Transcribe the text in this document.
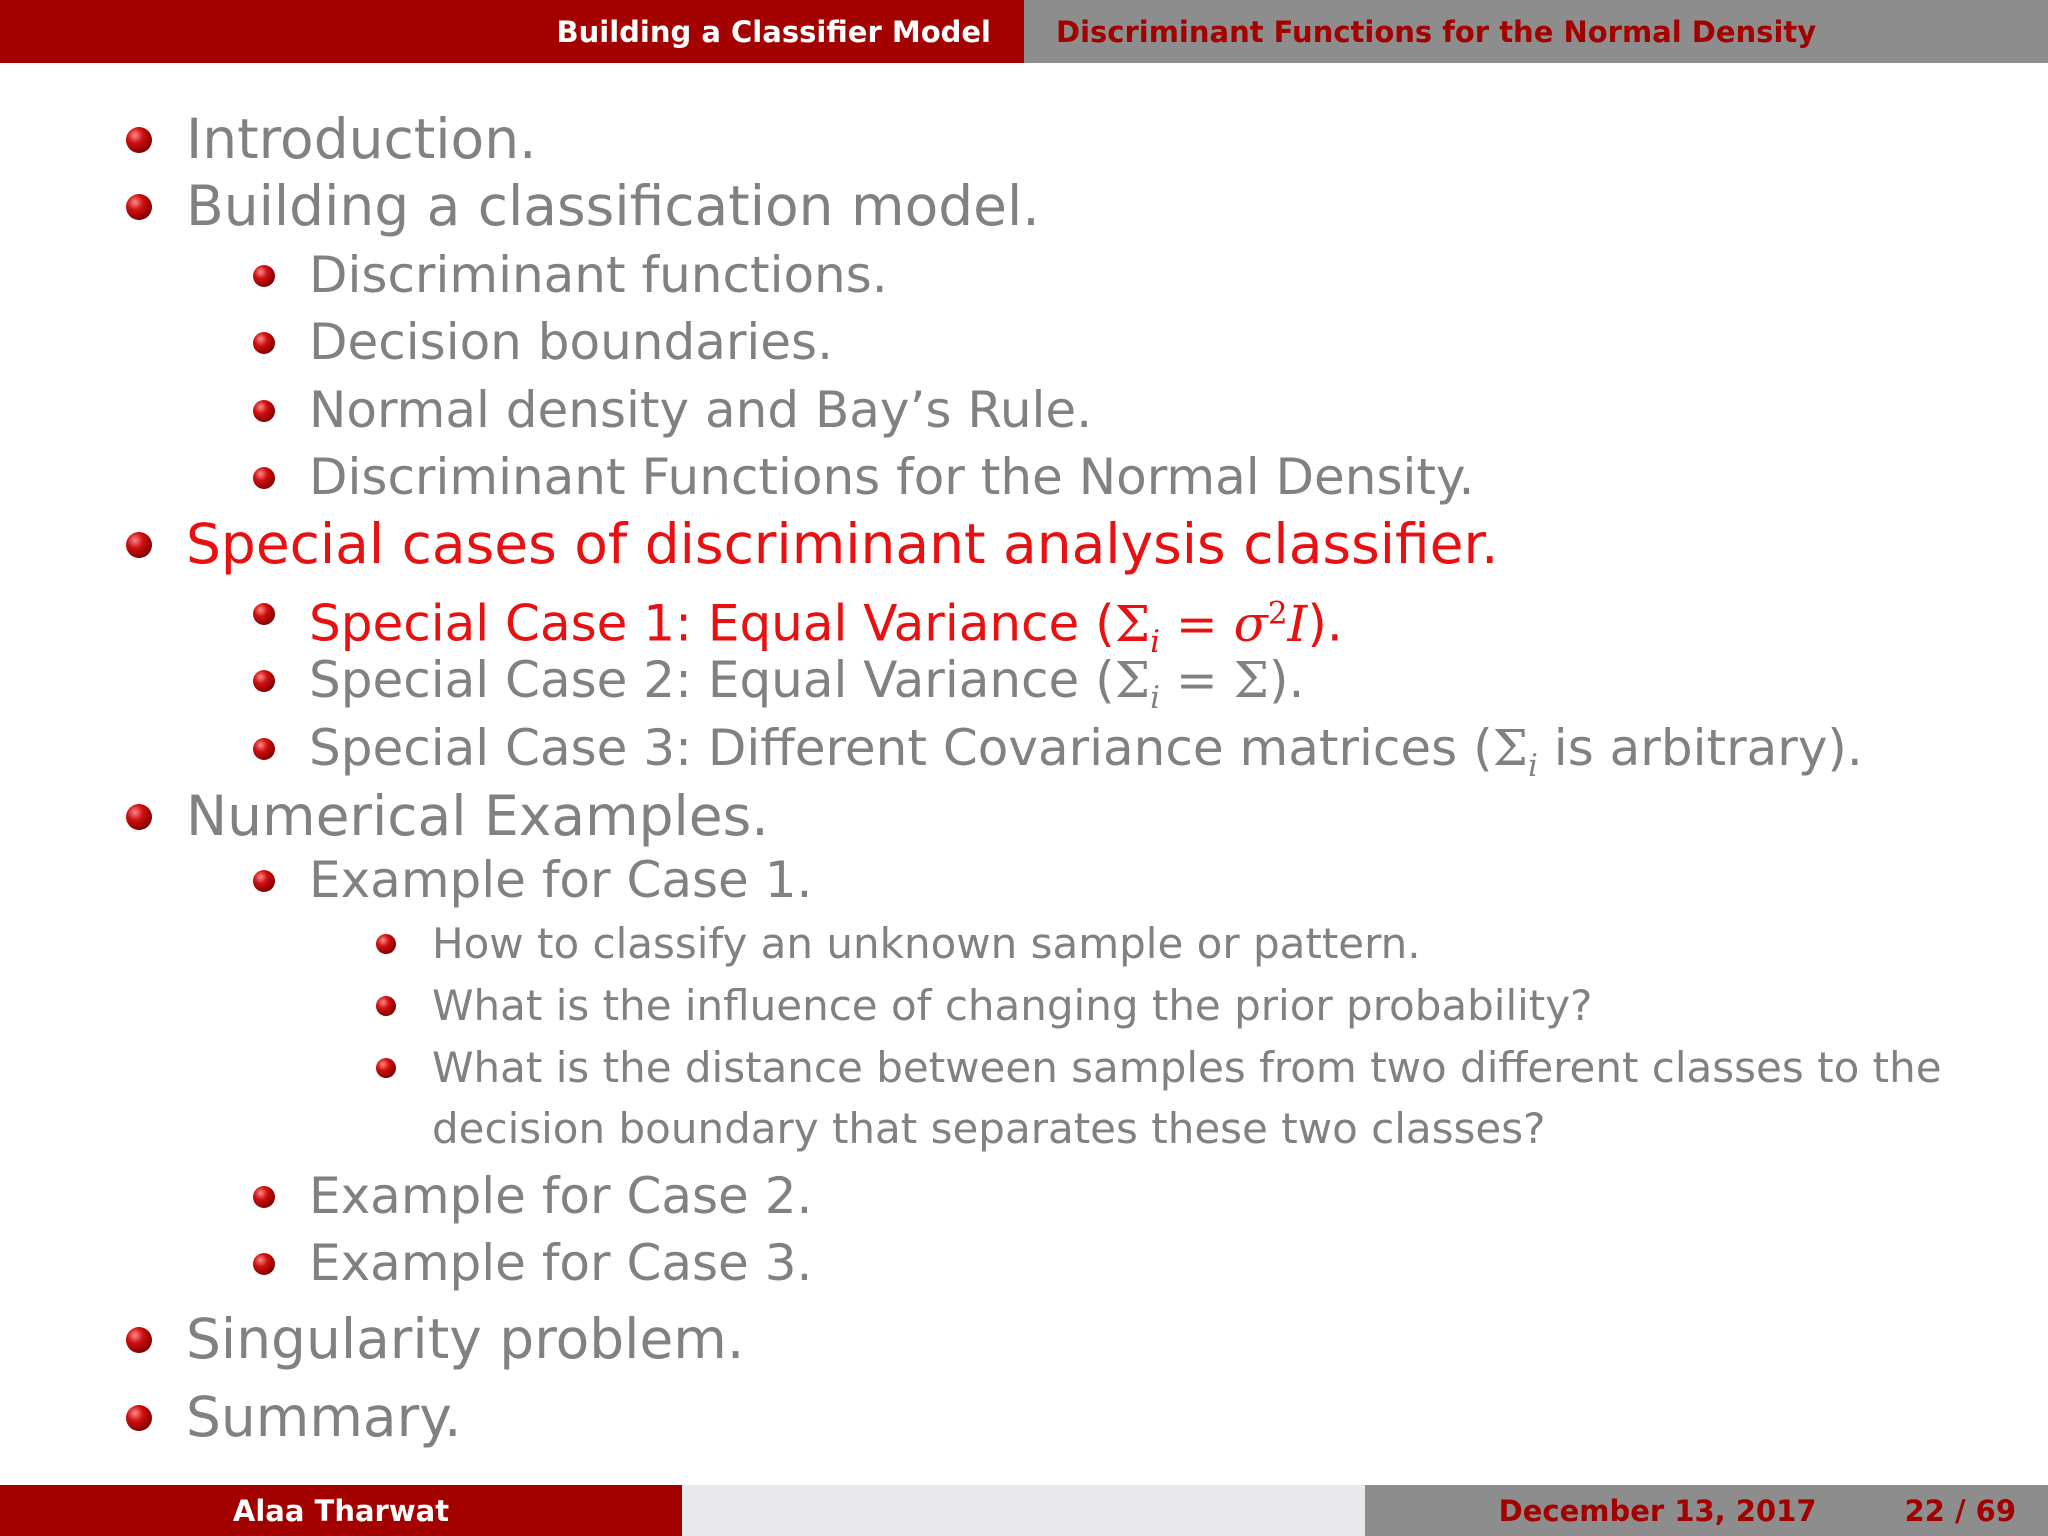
Building a Classifier Model	Discriminant Functions for the Normal Density
Introduction.
Building a classification model.
Discriminant functions.
Decision boundaries.
Normal density and Bay’s Rule.
Discriminant Functions for the Normal Density.
Special cases of discriminant analysis classifier.
Special Case 1: Equal Variance $(\Sigma_i = \sigma^2I)$.
Special Case 2: Equal Variance $(\Sigma_i = \Sigma)$.
Special Case 3: Different Covariance matrices ($\Sigma_i$ is arbitrary).
Numerical Examples.
Example for Case 1.
How to classify an unknown sample or pattern.
What is the influence of changing the prior probability?
What is the distance between samples from two different classes to the
decision boundary that separates these two classes?
Example for Case 2.
Example for Case 3.
Singularity problem.
Summary.
Alaa Tharwat	December 13, 2017	22 / 69
